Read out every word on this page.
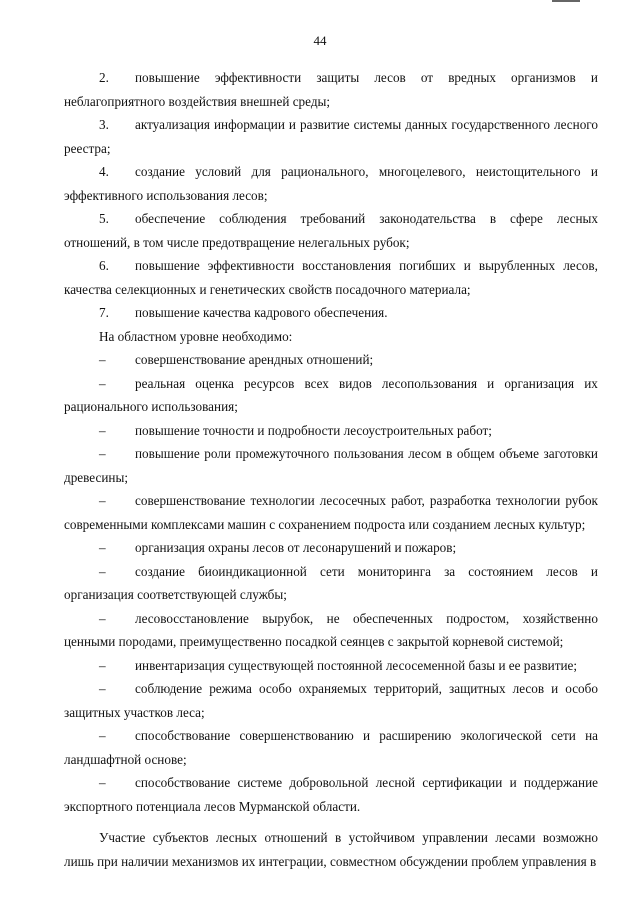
44
2.	повышение эффективности защиты лесов от вредных организмов и
неблагоприятного воздействия внешней среды;
3.	актуализация информации и развитие системы данных государственного лесного
реестра;
4.	создание условий для рационального, многоцелевого, неистощительного и
эффективного использования лесов;
5.	обеспечение соблюдения требований законодательства в сфере лесных
отношений, в том числе предотвращение нелегальных рубок;
6.	повышение эффективности восстановления погибших и вырубленных лесов,
качества селекционных и генетических свойств посадочного материала;
7.	повышение качества кадрового обеспечения.

На областном уровне необходимо:

–	совершенствование арендных отношений;
–	реальная оценка ресурсов всех видов лесопользования и организация их
рационального использования;
–	повышение точности и подробности лесоустроительных работ;
–	повышение роли промежуточного пользования лесом в общем объеме заготовки
древесины;
–	совершенствование технологии лесосечных работ, разработка технологии рубок
современными комплексами машин с сохранением подроста или созданием лесных культур;
–	организация охраны лесов от лесонарушений и пожаров;
–	создание биоиндикационной сети мониторинга за состоянием лесов и
организация соответствующей службы;
–	лесовосстановление вырубок, не обеспеченных подростом, хозяйственно
ценными породами, преимущественно посадкой сеянцев с закрытой корневой системой;
–	инвентаризация существующей постоянной лесосеменной базы и ее развитие;
–	соблюдение режима особо охраняемых территорий, защитных лесов и особо
защитных участков леса;
–	способствование совершенствованию и расширению экологической сети на
ландшафтной основе;
–	способствование системе добровольной лесной сертификации и поддержание
экспортного потенциала лесов Мурманской области.

Участие субъектов лесных отношений в устойчивом управлении лесами возможно лишь при наличии механизмов их интеграции, совместном обсуждении проблем управления в
